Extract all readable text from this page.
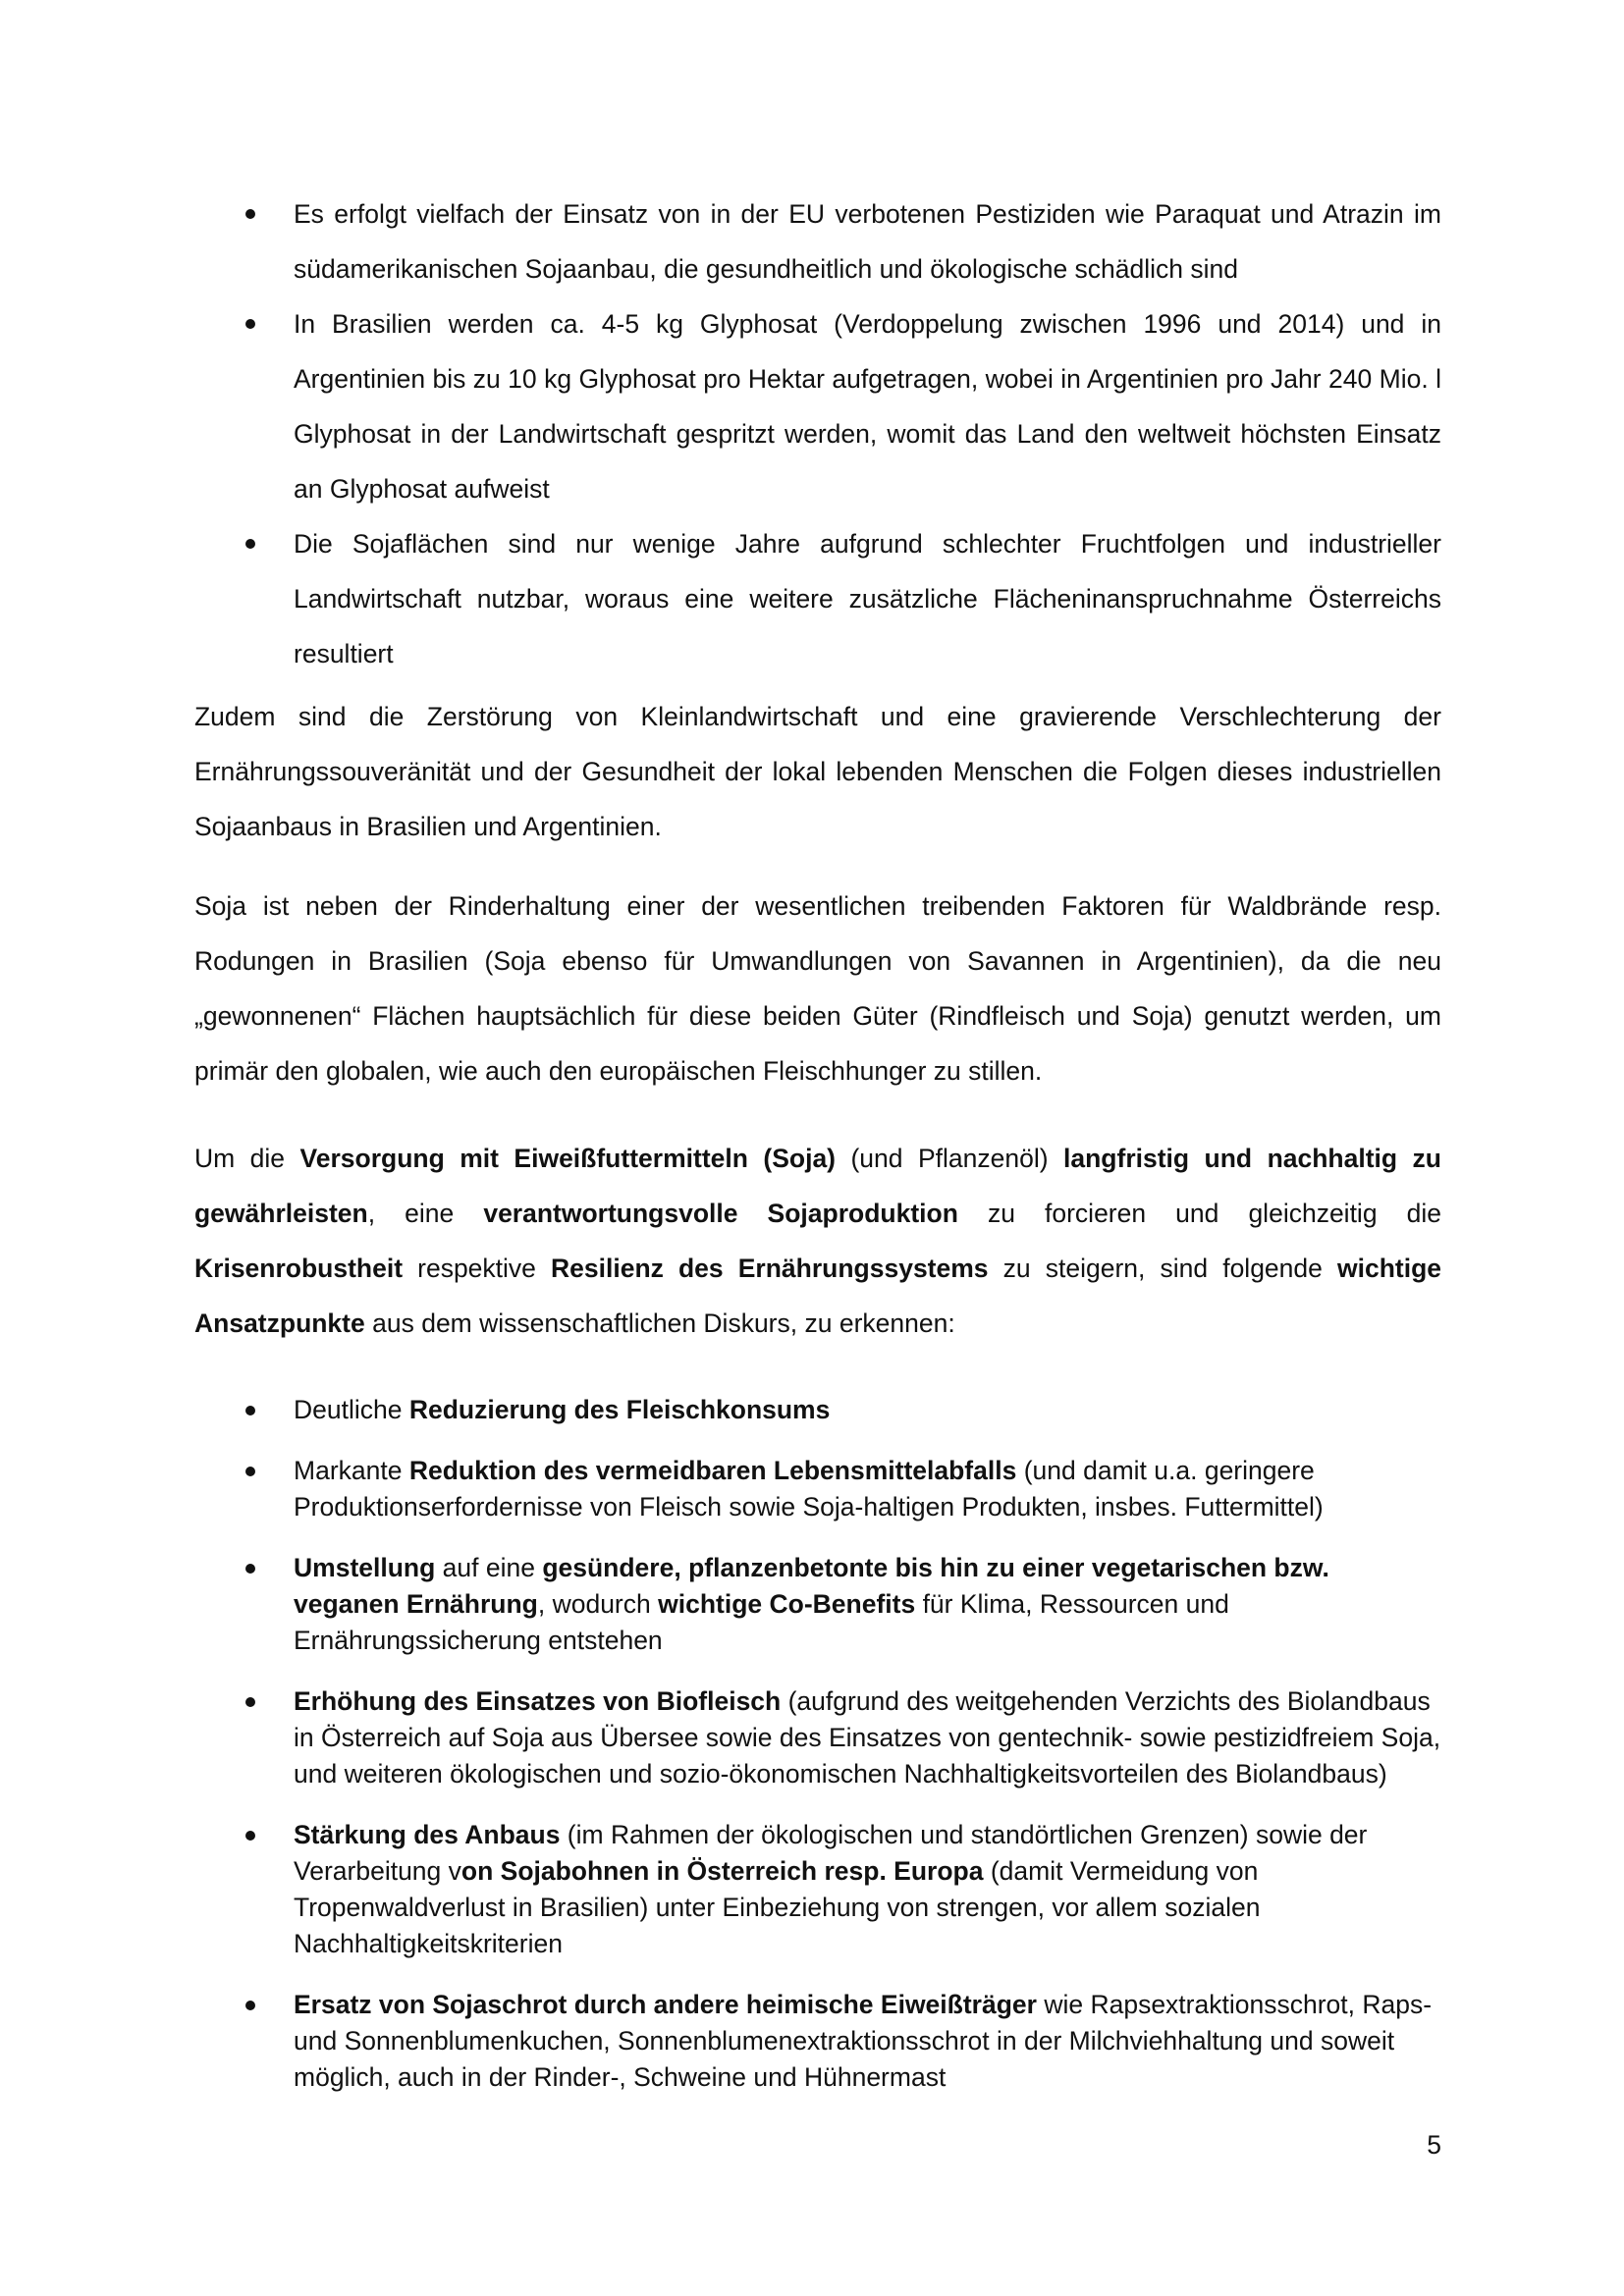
Es erfolgt vielfach der Einsatz von in der EU verbotenen Pestiziden wie Paraquat und Atrazin im südamerikanischen Sojaanbau, die gesundheitlich und ökologische schädlich sind
In Brasilien werden ca. 4-5 kg Glyphosat (Verdoppelung zwischen 1996 und 2014) und in Argentinien bis zu 10 kg Glyphosat pro Hektar aufgetragen, wobei in Argentinien pro Jahr 240 Mio. l Glyphosat in der Landwirtschaft gespritzt werden, womit das Land den weltweit höchsten Einsatz an Glyphosat aufweist
Die Sojaflächen sind nur wenige Jahre aufgrund schlechter Fruchtfolgen und industrieller Landwirtschaft nutzbar, woraus eine weitere zusätzliche Flächeninanspruchnahme Österreichs resultiert

Zudem sind die Zerstörung von Kleinlandwirtschaft und eine gravierende Verschlechterung der Ernährungssouveränität und der Gesundheit der lokal lebenden Menschen die Folgen dieses industriellen Sojaanbaus in Brasilien und Argentinien.

Soja ist neben der Rinderhaltung einer der wesentlichen treibenden Faktoren für Waldbrände resp. Rodungen in Brasilien (Soja ebenso für Umwandlungen von Savannen in Argentinien), da die neu „gewonnenen“ Flächen hauptsächlich für diese beiden Güter (Rindfleisch und Soja) genutzt werden, um primär den globalen, wie auch den europäischen Fleischhunger zu stillen.

Um die Versorgung mit Eiweißfuttermitteln (Soja) (und Pflanzenöl) langfristig und nachhaltig zu gewährleisten, eine verantwortungsvolle Sojaproduktion zu forcieren und gleichzeitig die Krisenrobustheit respektive Resilienz des Ernährungssystems zu steigern, sind folgende wichtige Ansatzpunkte aus dem wissenschaftlichen Diskurs, zu erkennen:

Deutliche Reduzierung des Fleischkonsums
Markante Reduktion des vermeidbaren Lebensmittelabfalls (und damit u.a. geringere Produktionserfordernisse von Fleisch sowie Soja-haltigen Produkten, insbes. Futtermittel)
Umstellung auf eine gesündere, pflanzenbetonte bis hin zu einer vegetarischen bzw. veganen Ernährung, wodurch wichtige Co-Benefits für Klima, Ressourcen und Ernährungssicherung entstehen
Erhöhung des Einsatzes von Biofleisch (aufgrund des weitgehenden Verzichts des Biolandbaus in Österreich auf Soja aus Übersee sowie des Einsatzes von gentechnik- sowie pestizidfreiem Soja, und weiteren ökologischen und sozio-ökonomischen Nachhaltigkeitsvorteilen des Biolandbaus)
Stärkung des Anbaus (im Rahmen der ökologischen und standörtlichen Grenzen) sowie der Verarbeitung von Sojabohnen in Österreich resp. Europa (damit Vermeidung von Tropenwaldverlust in Brasilien) unter Einbeziehung von strengen, vor allem sozialen Nachhaltigkeitskriterien
Ersatz von Sojaschrot durch andere heimische Eiweißträger wie Rapsextraktionsschrot, Raps- und Sonnenblumenkuchen, Sonnenblumenextraktionsschrot in der Milchviehhaltung und soweit möglich, auch in der Rinder-, Schweine und Hühnermast
5
